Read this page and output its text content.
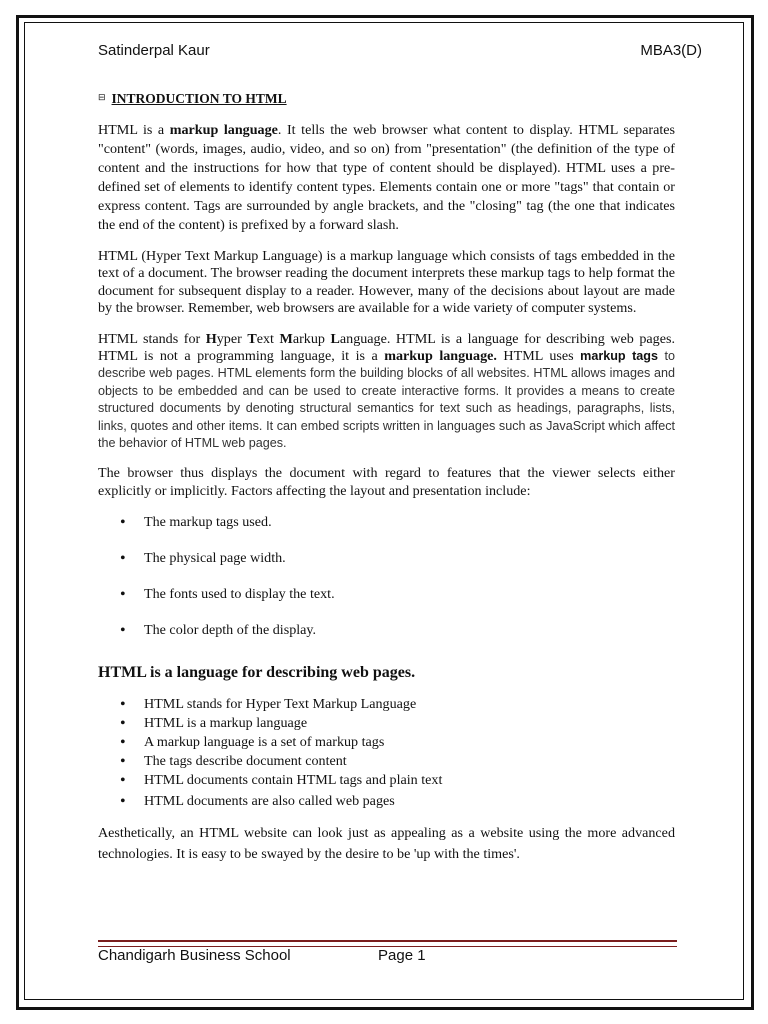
Satinderpal Kaur	MBA3(D)
⊟ INTRODUCTION TO HTML

HTML is a markup language. It tells the web browser what content to display. HTML separates "content" (words, images, audio, video, and so on) from "presentation" (the definition of the type of content and the instructions for how that type of content should be displayed). HTML uses a pre-defined set of elements to identify content types. Elements contain one or more "tags" that contain or express content. Tags are surrounded by angle brackets, and the "closing" tag (the one that indicates the end of the content) is prefixed by a forward slash.

HTML (Hyper Text Markup Language) is a markup language which consists of tags embedded in the text of a document. The browser reading the document interprets these markup tags to help format the document for subsequent display to a reader. However, many of the decisions about layout are made by the browser. Remember, web browsers are available for a wide variety of computer systems.

HTML stands for Hyper Text Markup Language. HTML is a language for describing web pages. HTML is not a programming language, it is a markup language. HTML uses markup tags to describe web pages. HTML elements form the building blocks of all websites. HTML allows images and objects to be embedded and can be used to create interactive forms. It provides a means to create structured documents by denoting structural semantics for text such as headings, paragraphs, lists, links, quotes and other items. It can embed scripts written in languages such as JavaScript which affect the behavior of HTML web pages.

The browser thus displays the document with regard to features that the viewer selects either explicitly or implicitly. Factors affecting the layout and presentation include:

• The markup tags used.
• The physical page width.
• The fonts used to display the text.
• The color depth of the display.
HTML is a language for describing web pages.
• HTML stands for Hyper Text Markup Language
• HTML is a markup language
• A markup language is a set of markup tags
• The tags describe document content
• HTML documents contain HTML tags and plain text
• HTML documents are also called web pages

Aesthetically, an HTML website can look just as appealing as a website using the more advanced technologies. It is easy to be swayed by the desire to be 'up with the times'.

Chandigarh Business School	Page 1
